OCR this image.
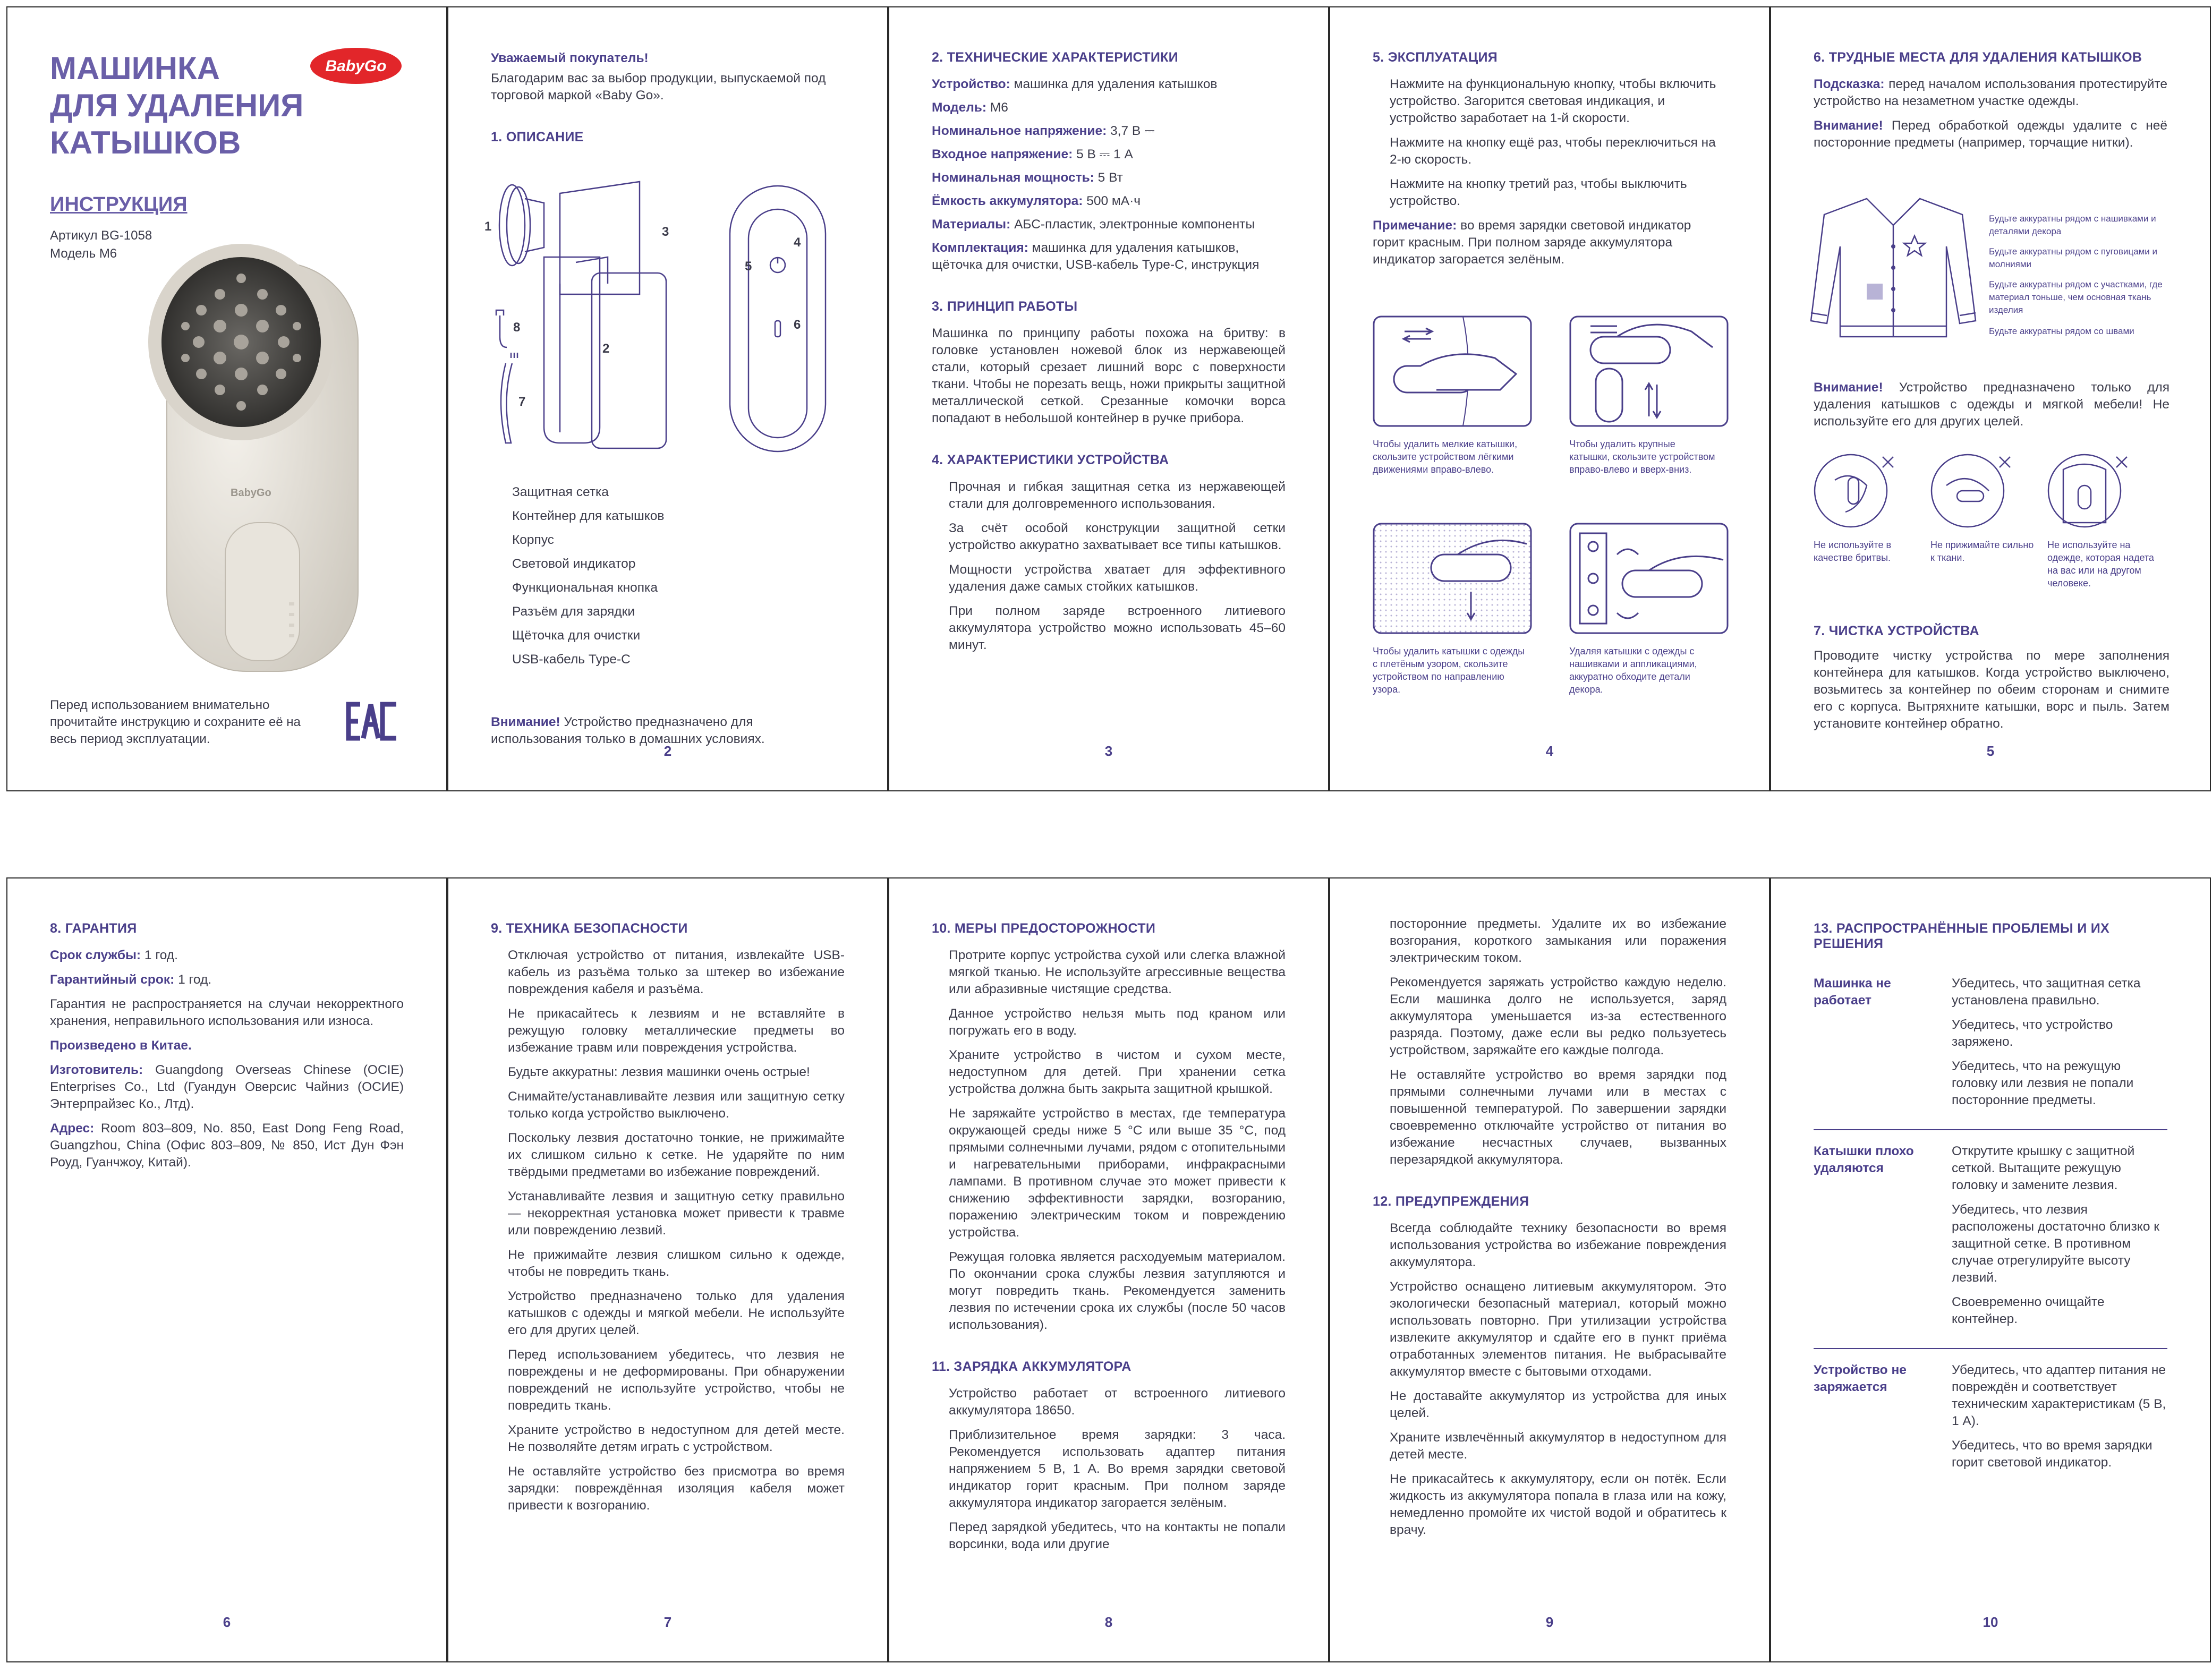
МАШИНКА
ДЛЯ УДАЛЕНИЯ
КАТЫШКОВ
BabyGo
ИНСТРУКЦИЯ

Артикул BG-1058

Модель М6

BabyGo
Перед использованием внимательно прочитайте инструкцию и сохраните её на весь период эксплуатации.

Уважаемый покупатель!

Благодарим вас за выбор продукции, выпускаемой под торговой маркой «Baby Go».

1. ОПИСАНИЕ
1
2
3
4
5
6
7
8
Защитная сетка
Контейнер для катышков
Корпус
Световой индикатор
Функциональная кнопка
Разъём для зарядки
Щёточка для очистки
USB-кабель Type-C

Внимание! Устройство предназначено для использования только в домашних условиях.

2
2. ТЕХНИЧЕСКИЕ ХАРАКТЕРИСТИКИ

Устройство: машинка для удаления катышков

Модель: М6

Номинальное напряжение: 3,7 В ⎓

Входное напряжение: 5 В ⎓ 1 А

Номинальная мощность: 5 Вт

Ёмкость аккумулятора: 500 мА·ч

Материалы: АБС-пластик, электронные компоненты

Комплектация: машинка для удаления катышков, щёточка для очистки, USB-кабель Type-C, инструкция

3. ПРИНЦИП РАБОТЫ

Машинка по принципу работы похожа на бритву: в головке установлен ножевой блок из нержавеющей стали, который срезает лишний ворс с поверхности ткани. Чтобы не порезать вещь, ножи прикрыты защитной металлической сеткой. Срезанные комочки ворса попадают в небольшой контейнер в ручке прибора.

4. ХАРАКТЕРИСТИКИ УСТРОЙСТВА

Прочная и гибкая защитная сетка из нержавеющей стали для долговременного использования.

За счёт особой конструкции защитной сетки устройство аккуратно захватывает все типы катышков.

Мощности устройства хватает для эффективного удаления даже самых стойких катышков.

При полном заряде встроенного литиевого аккумулятора устройство можно использовать 45–60 минут.

3
5. ЭКСПЛУАТАЦИЯ

Нажмите на функциональную кнопку, чтобы включить устройство. Загорится световая индикация, и устройство заработает на 1-й скорости.

Нажмите на кнопку ещё раз, чтобы переключиться на 2-ю скорость.

Нажмите на кнопку третий раз, чтобы выключить устройство.

Примечание: во время зарядки световой индикатор горит красным. При полном заряде аккумулятора индикатор загорается зелёным.

Чтобы удалить мелкие катышки, скользите устройством лёгкими движениями вправо-влево.
Чтобы удалить крупные катышки, скользите устройством вправо-влево и вверх-вниз.
Чтобы удалить катышки с одежды с плетёным узором, скользите устройством по направлению узора.
Удаляя катышки с одежды с нашивками и аппликациями, аккуратно обходите детали декора.
4
6. ТРУДНЫЕ МЕСТА ДЛЯ УДАЛЕНИЯ КАТЫШКОВ

Подсказка: перед началом использования протестируйте устройство на незаметном участке одежды.

Внимание! Перед обработкой одежды удалите с неё посторонние предметы (например, торчащие нитки).

Будьте аккуратны рядом с нашивками и деталями декора
Будьте аккуратны рядом с пуговицами и молниями
Будьте аккуратны рядом с участками, где материал тоньше, чем основная ткань изделия
Будьте аккуратны рядом со швами

Внимание! Устройство предназначено только для удаления катышков с одежды и мягкой мебели! Не используйте его для других целей.

Не используйте в качестве бритвы.
Не прижимайте сильно к ткани.
Не используйте на одежде, которая надета на вас или на другом человеке.
7. ЧИСТКА УСТРОЙСТВА

Проводите чистку устройства по мере заполнения контейнера для катышков. Когда устройство выключено, возьмитесь за контейнер по обеим сторонам и снимите его с корпуса. Вытряхните катышки, ворс и пыль. Затем установите контейнер обратно.

5
8. ГАРАНТИЯ

Срок службы: 1 год.

Гарантийный срок: 1 год.

Гарантия не распространяется на случаи некорректного хранения, неправильного использования или износа.

Произведено в Китае.

Изготовитель: Guangdong Overseas Chinese (OCIE) Enterprises Co., Ltd (Гуандун Оверсис Чайниз (ОСИЕ) Энтерпрайзес Ко., Лтд).

Адрес: Room 803–809, No. 850, East Dong Feng Road, Guangzhou, China (Офис 803–809, № 850, Ист Дун Фэн Роуд, Гуанчжоу, Китай).

6
9. ТЕХНИКА БЕЗОПАСНОСТИ

Отключая устройство от питания, извлекайте USB-кабель из разъёма только за штекер во избежание повреждения кабеля и разъёма.

Не прикасайтесь к лезвиям и не вставляйте в режущую головку металлические предметы во избежание травм или повреждения устройства.

Будьте аккуратны: лезвия машинки очень острые!

Снимайте/устанавливайте лезвия или защитную сетку только когда устройство выключено.

Поскольку лезвия достаточно тонкие, не прижимайте их слишком сильно к сетке. Не ударяйте по ним твёрдыми предметами во избежание повреждений.

Устанавливайте лезвия и защитную сетку правильно — некорректная установка может привести к травме или повреждению лезвий.

Не прижимайте лезвия слишком сильно к одежде, чтобы не повредить ткань.

Устройство предназначено только для удаления катышков с одежды и мягкой мебели. Не используйте его для других целей.

Перед использованием убедитесь, что лезвия не повреждены и не деформированы. При обнаружении повреждений не используйте устройство, чтобы не повредить ткань.

Храните устройство в недоступном для детей месте. Не позволяйте детям играть с устройством.

Не оставляйте устройство без присмотра во время зарядки: повреждённая изоляция кабеля может привести к возгоранию.

7
10. МЕРЫ ПРЕДОСТОРОЖНОСТИ

Протрите корпус устройства сухой или слегка влажной мягкой тканью. Не используйте агрессивные вещества или абразивные чистящие средства.

Данное устройство нельзя мыть под краном или погружать его в воду.

Храните устройство в чистом и сухом месте, недоступном для детей. При хранении сетка устройства должна быть закрыта защитной крышкой.

Не заряжайте устройство в местах, где температура окружающей среды ниже 5 °C или выше 35 °C, под прямыми солнечными лучами, рядом с отопительными и нагревательными приборами, инфракрасными лампами. В противном случае это может привести к снижению эффективности зарядки, возгоранию, поражению электрическим током и повреждению устройства.

Режущая головка является расходуемым материалом. По окончании срока службы лезвия затупляются и могут повредить ткань. Рекомендуется заменить лезвия по истечении срока их службы (после 50 часов использования).

11. ЗАРЯДКА АККУМУЛЯТОРА

Устройство работает от встроенного литиевого аккумулятора 18650.

Приблизительное время зарядки: 3 часа. Рекомендуется использовать адаптер питания напряжением 5 В, 1 А. Во время зарядки световой индикатор горит красным. При полном заряде аккумулятора индикатор загорается зелёным.

Перед зарядкой убедитесь, что на контакты не попали ворсинки, вода или другие

8

посторонние предметы. Удалите их во избежание возгорания, короткого замыкания или поражения электрическим током.

Рекомендуется заряжать устройство каждую неделю. Если машинка долго не используется, заряд аккумулятора уменьшается из-за естественного разряда. Поэтому, даже если вы редко пользуетесь устройством, заряжайте его каждые полгода.

Не оставляйте устройство во время зарядки под прямыми солнечными лучами или в местах с повышенной температурой. По завершении зарядки своевременно отключайте устройство от питания во избежание несчастных случаев, вызванных перезарядкой аккумулятора.

12. ПРЕДУПРЕЖДЕНИЯ

Всегда соблюдайте технику безопасности во время использования устройства во избежание повреждения аккумулятора.

Устройство оснащено литиевым аккумулятором. Это экологически безопасный материал, который можно использовать повторно. При утилизации устройства извлеките аккумулятор и сдайте его в пункт приёма отработанных элементов питания. Не выбрасывайте аккумулятор вместе с бытовыми отходами.

Не доставайте аккумулятор из устройства для иных целей.

Храните извлечённый аккумулятор в недоступном для детей месте.

Не прикасайтесь к аккумулятору, если он потёк. Если жидкость из аккумулятора попала в глаза или на кожу, немедленно промойте их чистой водой и обратитесь к врачу.

9
13. РАСПРОСТРАНЁННЫЕ ПРОБЛЕМЫ И ИХ РЕШЕНИЯ
Машинка не работает

Убедитесь, что защитная сетка установлена правильно.

Убедитесь, что устройство заряжено.

Убедитесь, что на режущую головку или лезвия не попали посторонние предметы.

Катышки плохо удаляются

Открутите крышку с защитной сеткой. Вытащите режущую головку и замените лезвия.

Убедитесь, что лезвия расположены достаточно близко к защитной сетке. В противном случае отрегулируйте высоту лезвий.

Своевременно очищайте контейнер.

Устройство не заряжается

Убедитесь, что адаптер питания не повреждён и соответствует техническим характеристикам (5 В, 1 А).

Убедитесь, что во время зарядки горит световой индикатор.

10
